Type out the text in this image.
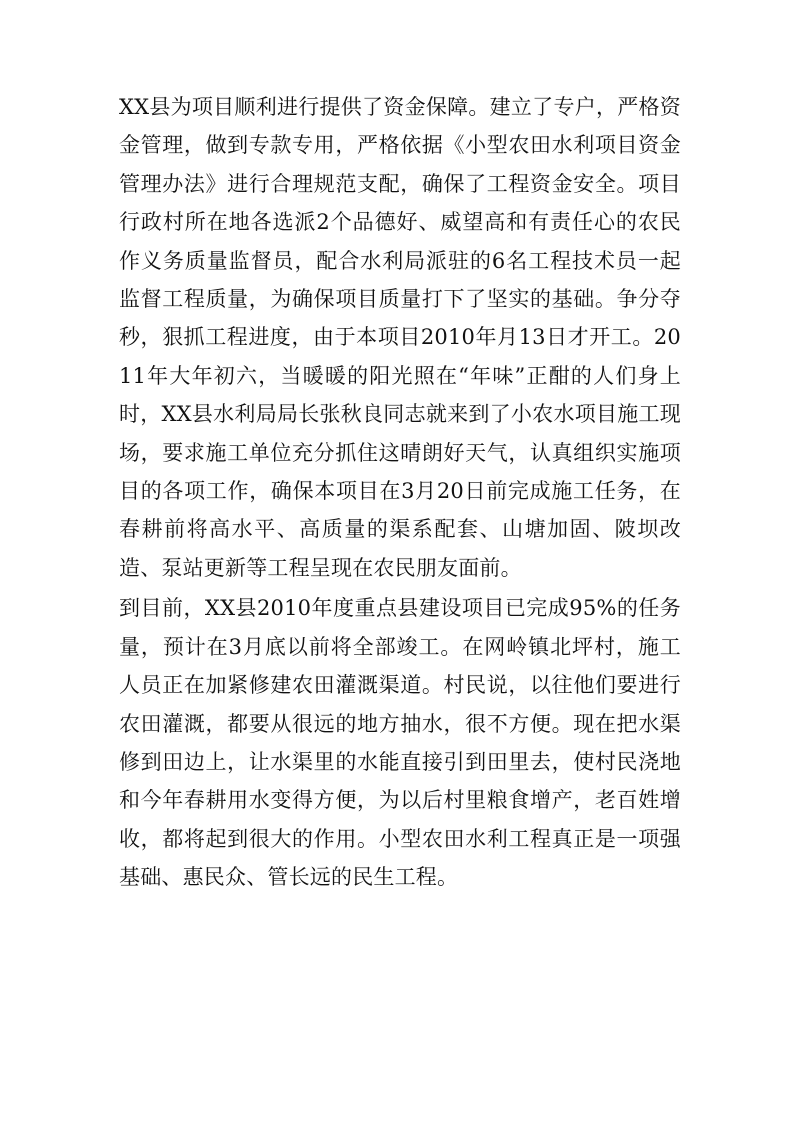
XX县为项目顺利进行提供了资金保障。建立了专户，严格资金管理，做到专款专用，严格依据《小型农田水利项目资金管理办法》进行合理规范支配，确保了工程资金安全。项目行政村所在地各选派2个品德好、威望高和有责任心的农民作义务质量监督员，配合水利局派驻的6名工程技术员一起监督工程质量，为确保项目质量打下了坚实的基础。争分夺秒，狠抓工程进度，由于本项目2010年月13日才开工。2011年大年初六，当暖暖的阳光照在“年味”正酣的人们身上时，XX县水利局局长张秋良同志就来到了小农水项目施工现场，要求施工单位充分抓住这晴朗好天气，认真组织实施项目的各项工作，确保本项目在3月20日前完成施工任务，在春耕前将高水平、高质量的渠系配套、山塘加固、陂坝改造、泵站更新等工程呈现在农民朋友面前。

到目前，XX县2010年度重点县建设项目已完成95%的任务量，预计在3月底以前将全部竣工。在网岭镇北坪村，施工人员正在加紧修建农田灌溉渠道。村民说，以往他们要进行农田灌溉，都要从很远的地方抽水，很不方便。现在把水渠修到田边上，让水渠里的水能直接引到田里去，使村民浇地和今年春耕用水变得方便，为以后村里粮食增产，老百姓增收，都将起到很大的作用。小型农田水利工程真正是一项强基础、惠民众、管长远的民生工程。
